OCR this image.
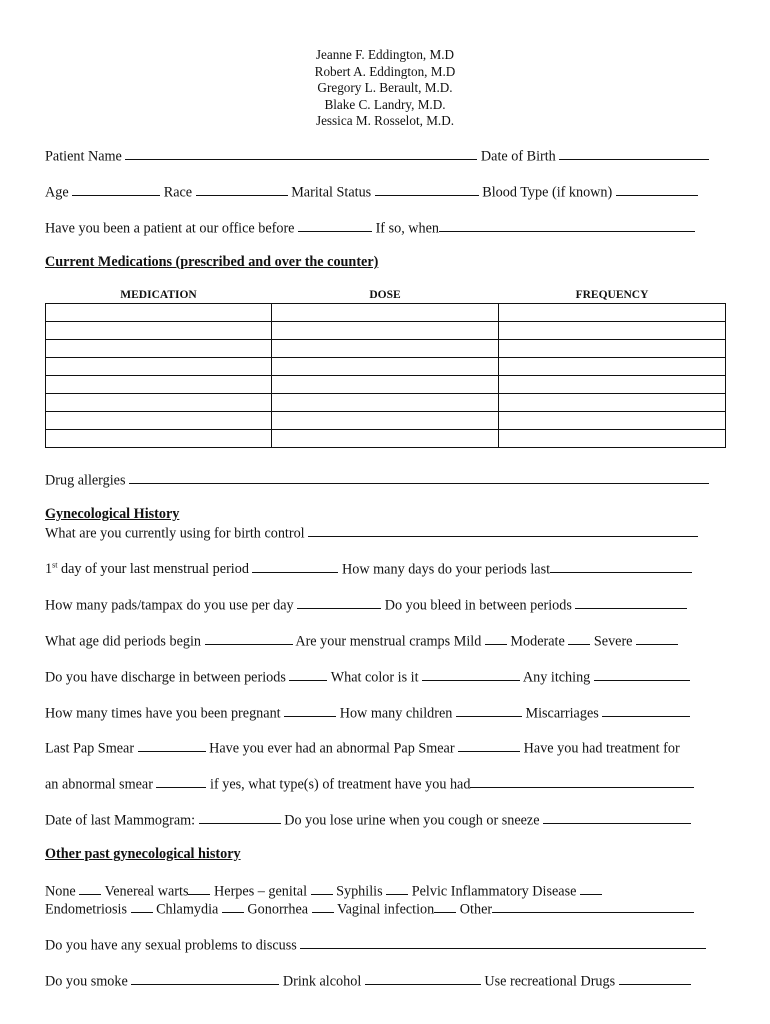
Jeanne F. Eddington, M.D
Robert A. Eddington, M.D
Gregory L. Berault, M.D.
Blake C. Landry, M.D.
Jessica M. Rosselot, M.D.
Patient Name	Date of Birth
Age	Race	Marital Status	Blood Type (if known)
Have you been a patient at our office before	If so, when
Current Medications (prescribed and over the counter)
MEDICATION	DOSE	FREQUENCY

Drug allergies
Gynecological History
What are you currently using for birth control
1st day of your last menstrual period	How many days do your periods last
How many pads/tampax do you use per day	Do you bleed in between periods
What age did periods begin	Are your menstrual cramps Mild Moderate Severe
Do you have discharge in between periods	What color is it	Any itching
How many times have you been pregnant	How many children	Miscarriages
Last Pap Smear	Have you ever had an abnormal Pap Smear	Have you had treatment for
an abnormal smear	if yes, what type(s) of treatment have you had
Date of last Mammogram:	Do you lose urine when you cough or sneeze
Other past gynecological history
None Venereal warts Herpes – genital Syphilis Pelvic Inflammatory Disease
Endometriosis Chlamydia Gonorrhea Vaginal infection Other
Do you have any sexual problems to discuss
Do you smoke	Drink alcohol	Use recreational Drugs
